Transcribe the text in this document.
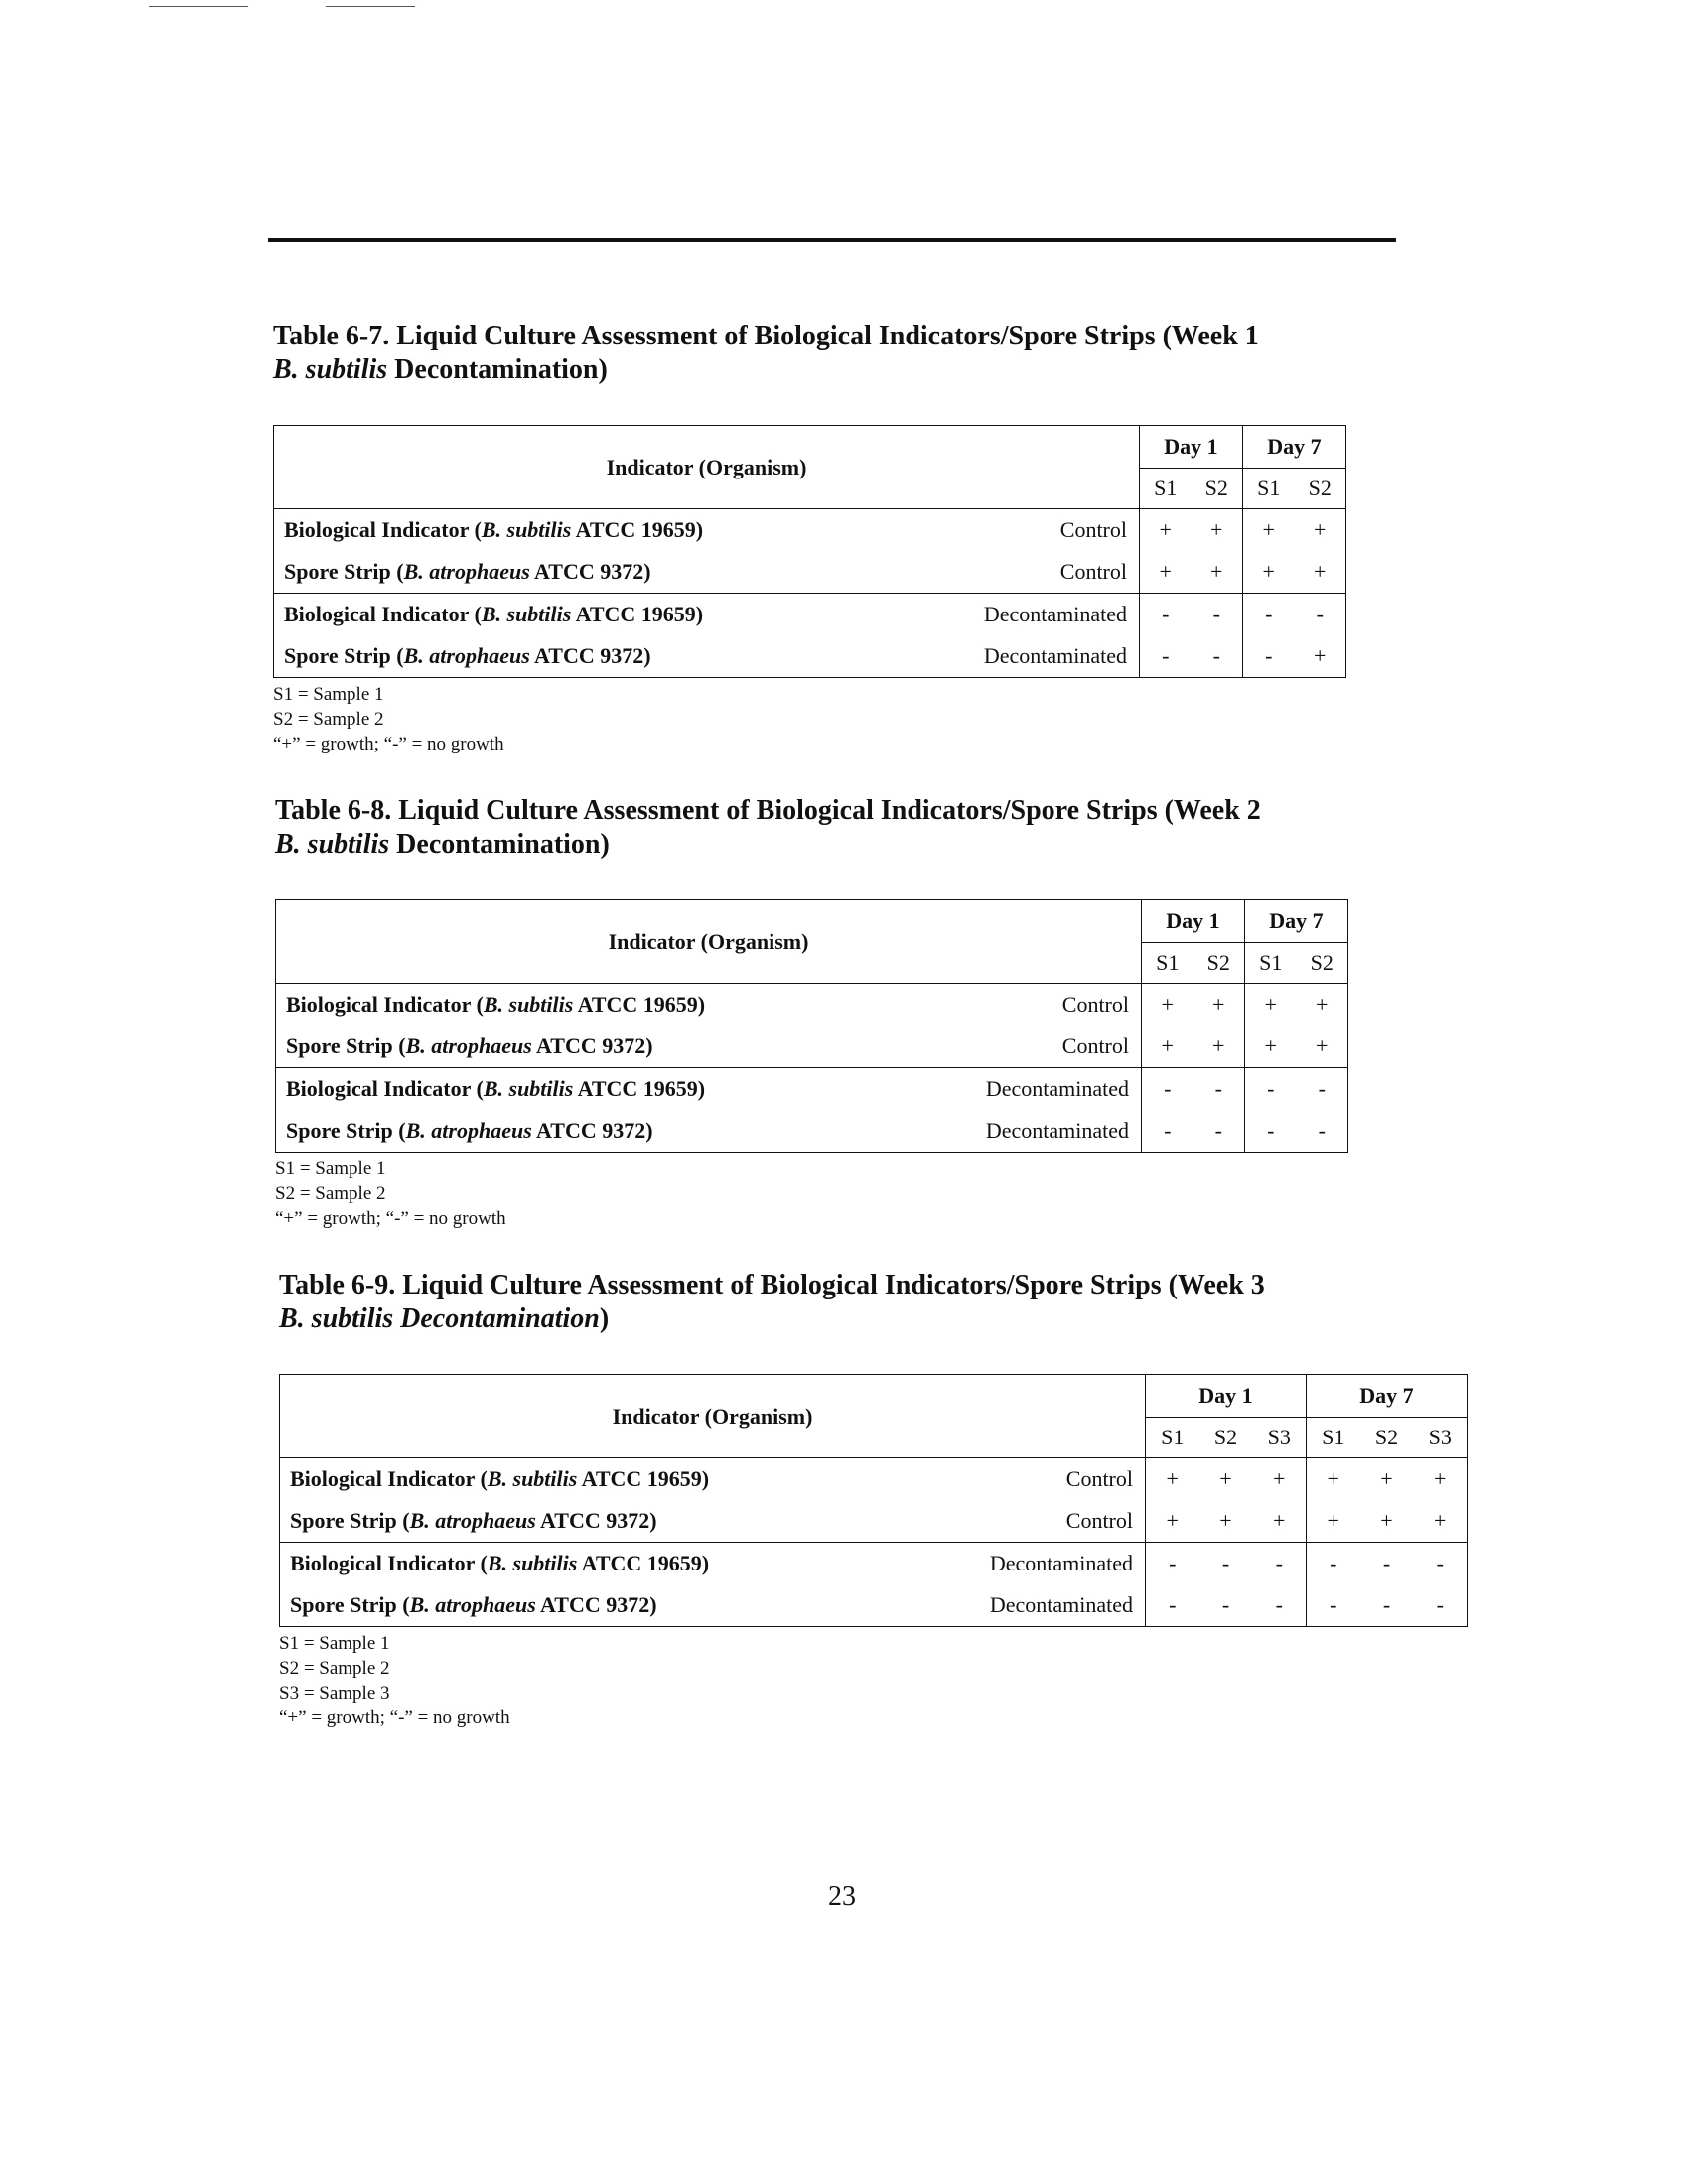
Table 6-7. Liquid Culture Assessment of Biological Indicators/Spore Strips (Week 1
B. subtilis Decontamination)
Indicator (Organism)		Day 1		Day 7	
		S1	S2	S1	S2
Biological Indicator (B. subtilis ATCC 19659)	Control	+	+	+	+
Spore Strip (B. atrophaeus ATCC 9372)	Control	+	+	+	+
Biological Indicator (B. subtilis ATCC 19659)	Decontaminated	-	-	-	-
Spore Strip (B. atrophaeus ATCC 9372)	Decontaminated	-	-	-	+
S1 = Sample 1
S2 = Sample 2
“+” = growth; “-” = no growth
Table 6-8. Liquid Culture Assessment of Biological Indicators/Spore Strips (Week 2
B. subtilis Decontamination)
Indicator (Organism)		Day 1		Day 7	
		S1	S2	S1	S2
Biological Indicator (B. subtilis ATCC 19659)	Control	+	+	+	+
Spore Strip (B. atrophaeus ATCC 9372)	Control	+	+	+	+
Biological Indicator (B. subtilis ATCC 19659)	Decontaminated	-	-	-	-
Spore Strip (B. atrophaeus ATCC 9372)	Decontaminated	-	-	-	-
S1 = Sample 1
S2 = Sample 2
“+” = growth; “-” = no growth
Table 6-9. Liquid Culture Assessment of Biological Indicators/Spore Strips (Week 3
B. subtilis Decontamination)
Indicator (Organism)		Day 1			Day 7		
		S1	S2	S3	S1	S2	S3
Biological Indicator (B. subtilis ATCC 19659)	Control	+	+	+	+	+	+
Spore Strip (B. atrophaeus ATCC 9372)	Control	+	+	+	+	+	+
Biological Indicator (B. subtilis ATCC 19659)	Decontaminated	-	-	-	-	-	-
Spore Strip (B. atrophaeus ATCC 9372)	Decontaminated	-	-	-	-	-	-
S1 = Sample 1
S2 = Sample 2
S3 = Sample 3
“+” = growth; “-” = no growth
23
